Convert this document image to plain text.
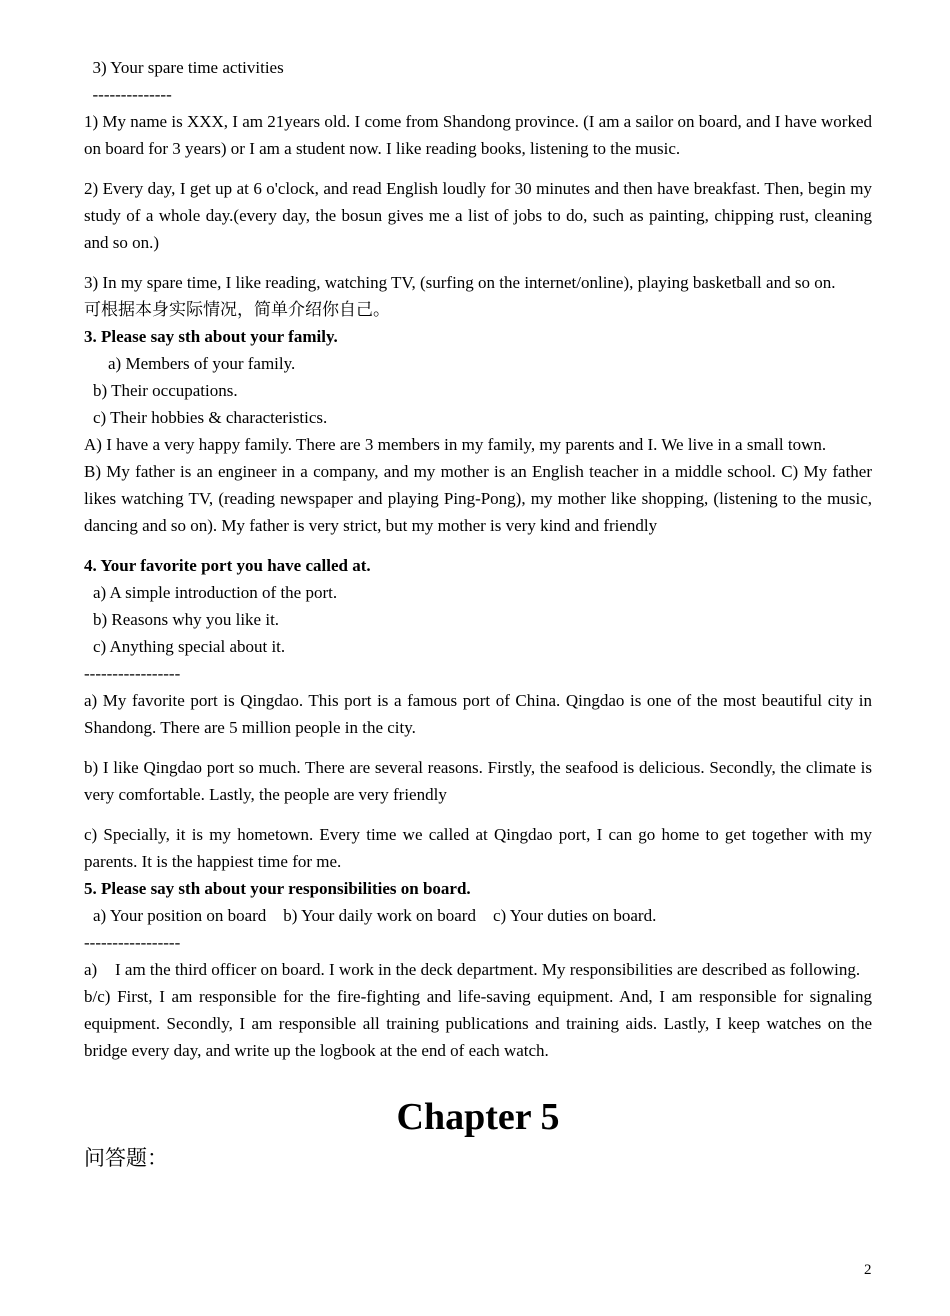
3) Your spare time activities
--------------
1) My name is XXX, I am 21years old. I come from Shandong province. (I am a sailor on board, and I have worked on board for 3 years) or I am a student now. I like reading books, listening to the music.
2) Every day, I get up at 6 o'clock, and read English loudly for 30 minutes and then have breakfast. Then, begin my study of a whole day.(every day, the bosun gives me a list of jobs to do, such as painting, chipping rust, cleaning and so on.)
3) In my spare time, I like reading, watching TV, (surfing on the internet/online), playing basketball and so on.
可根据本身实际情况，简单介绍你自己。
3. Please say sth about your family.
a) Members of your family.
b) Their occupations.
c) Their hobbies & characteristics.
A) I have a very happy family. There are 3 members in my family, my parents and I. We live in a small town.
B) My father is an engineer in a company, and my mother is an English teacher in a middle school. C) My father likes watching TV, (reading newspaper and playing Ping-Pong), my mother like shopping, (listening to the music, dancing and so on). My father is very strict, but my mother is very kind and friendly
4. Your favorite port you have called at.
a) A simple introduction of the port.
b) Reasons why you like it.
c) Anything special about it.
-----------------
a) My favorite port is Qingdao. This port is a famous port of China. Qingdao is one of the most beautiful city in Shandong. There are 5 million people in the city.
b) I like Qingdao port so much. There are several reasons. Firstly, the seafood is delicious. Secondly, the climate is very comfortable. Lastly, the people are very friendly
c) Specially, it is my hometown. Every time we called at Qingdao port, I can go home to get together with my parents. It is the happiest time for me.
5. Please say sth about your responsibilities on board.
a) Your position on board    b) Your daily work on board    c) Your duties on board.
-----------------
a)	I am the third officer on board. I work in the deck department. My responsibilities are described as following.
b/c) First, I am responsible for the fire-fighting and life-saving equipment. And, I am responsible for signaling equipment. Secondly, I am responsible all training publications and training aids. Lastly, I keep watches on the bridge every day, and write up the logbook at the end of each watch.
Chapter 5
问答题：
2
